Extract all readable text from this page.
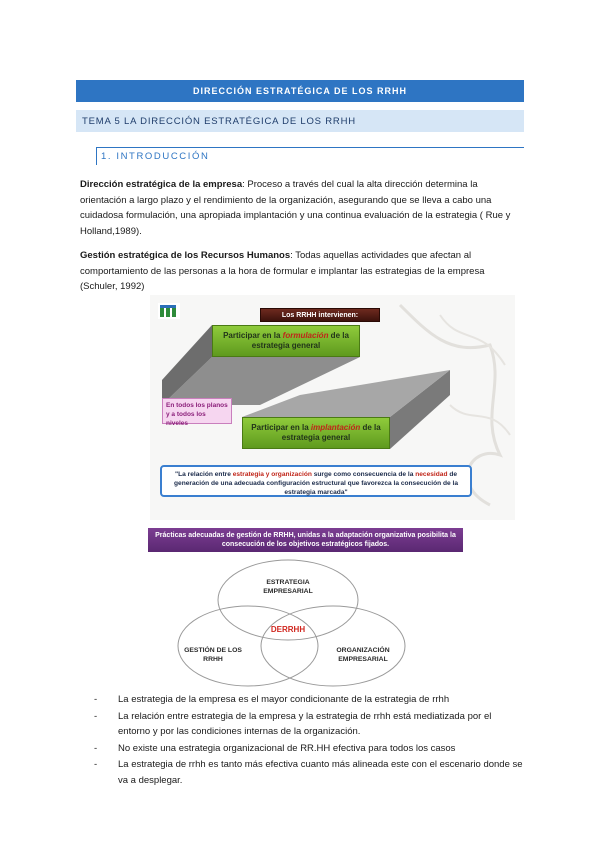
DIRECCIÓN ESTRATÉGICA DE LOS RRHH
TEMA 5 LA DIRECCIÓN ESTRATÉGICA DE LOS RRHH
1. INTRODUCCIÓN

Dirección estratégica de la empresa: Proceso a través del cual la alta dirección determina la orientación a largo plazo y el rendimiento de la organización, asegurando que se lleva a cabo una cuidadosa formulación, una apropiada implantación y una continua evaluación de la estrategia ( Rue y Holland,1989).

Gestión estratégica de los Recursos Humanos: Todas aquellas actividades que afectan al comportamiento de las personas a la hora de formular e implantar las estrategias de la empresa (Schuler, 1992)

Los RRHH intervienen:
Participar en la formulación de la estrategia general
En todos los planos y a todos los niveles	Participar en la implantación de la estrategia general
"La relación entre estrategia y organización surge como consecuencia de la necesidad de generación de una adecuada configuración estructural que favorezca la consecución de la estrategia marcada"
Prácticas adecuadas de gestión de RRHH, unidas a la adaptación organizativa posibilita la consecución de los objetivos estratégicos fijados.
ESTRATEGIA EMPRESARIAL
GESTIÓN DE LOS RRHH
ORGANIZACIÓN EMPRESARIAL
DERRHH
- La estrategia de la empresa es el mayor condicionante de la estrategia de rrhh
- La relación entre estrategia de la empresa y la estrategia de rrhh está mediatizada por el entorno y por las condiciones internas de la organización.
- No existe una estrategia organizacional de RR.HH efectiva para todos los casos
- La estrategia de rrhh es tanto más efectiva cuanto más alineada este con el escenario donde se va a desplegar.
